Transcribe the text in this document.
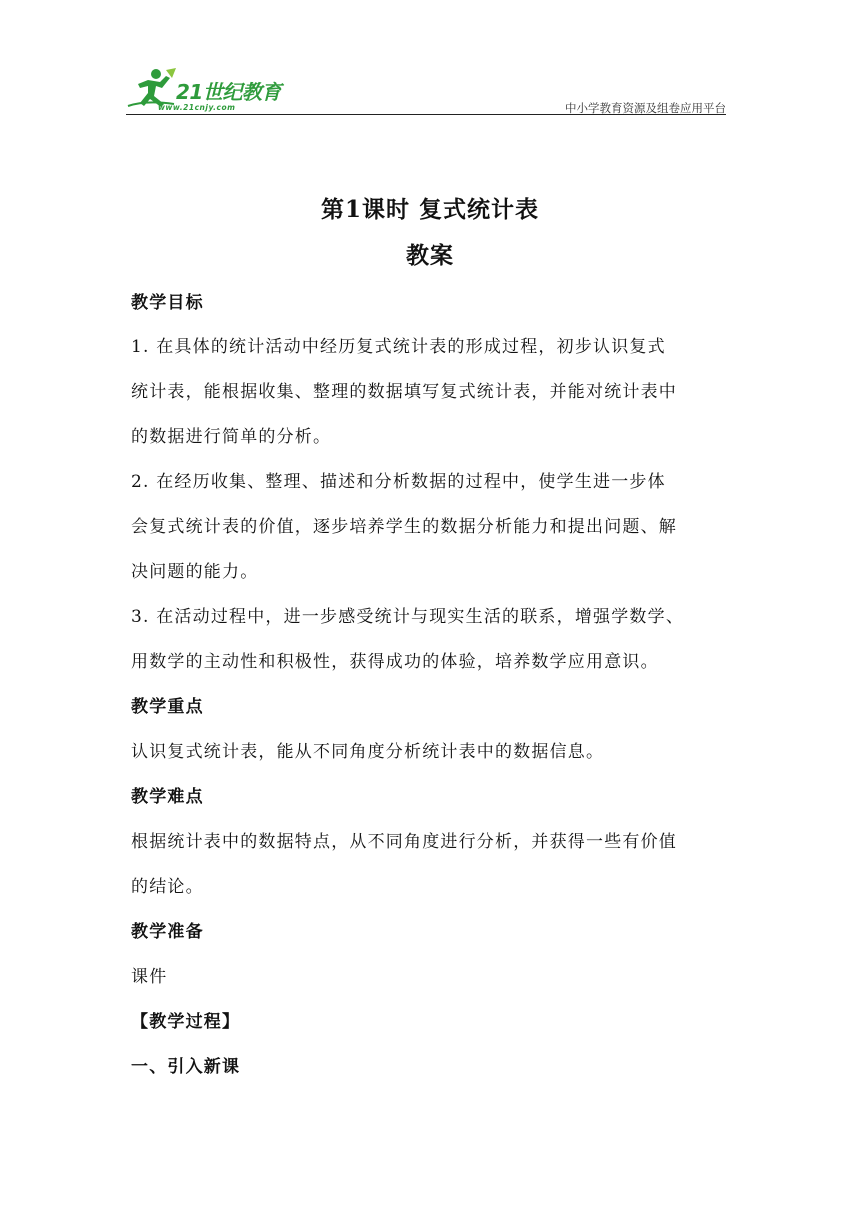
21世纪教育
www.21cnjy.com	中小学教育资源及组卷应用平台
第1课时 复式统计表
教案
教学目标
1. 在具体的统计活动中经历复式统计表的形成过程，初步认识复式
统计表，能根据收集、整理的数据填写复式统计表，并能对统计表中
的数据进行简单的分析。
2. 在经历收集、整理、描述和分析数据的过程中，使学生进一步体
会复式统计表的价值，逐步培养学生的数据分析能力和提出问题、解
决问题的能力。
3. 在活动过程中，进一步感受统计与现实生活的联系，增强学数学、
用数学的主动性和积极性，获得成功的体验，培养数学应用意识。
教学重点
认识复式统计表，能从不同角度分析统计表中的数据信息。
教学难点
根据统计表中的数据特点，从不同角度进行分析，并获得一些有价值
的结论。
教学准备
课件
【教学过程】
一、引入新课
